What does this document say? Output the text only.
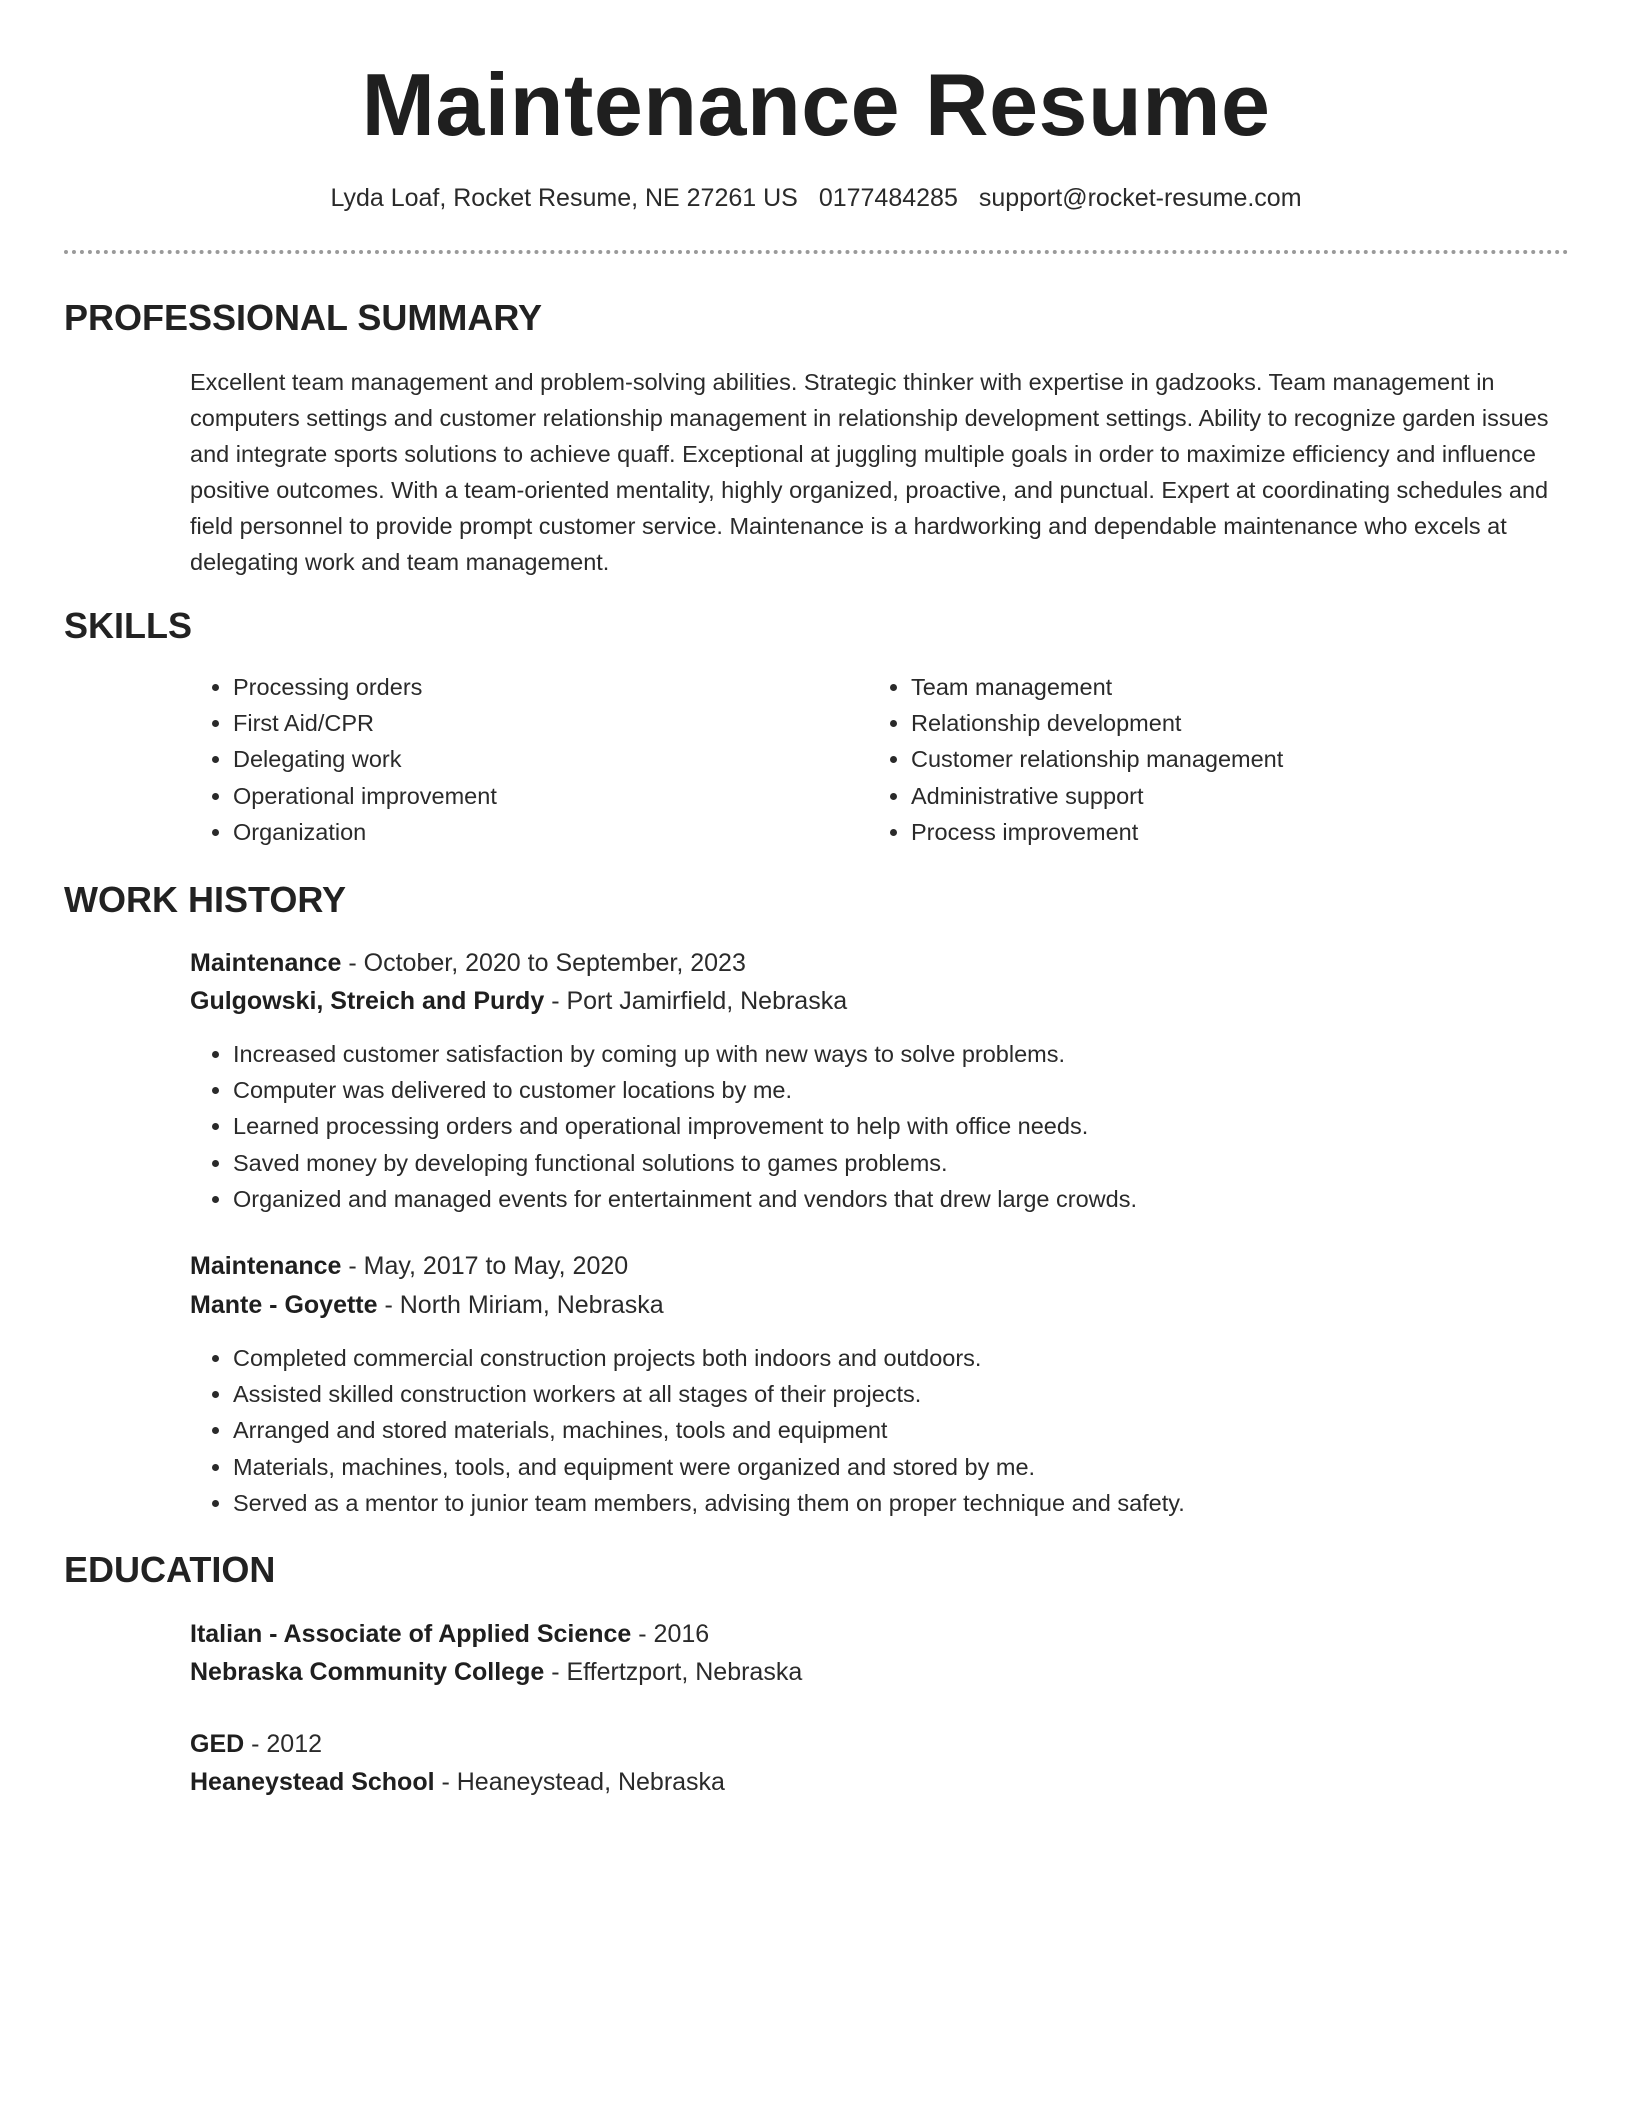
Maintenance Resume
Lyda Loaf, Rocket Resume, NE 27261 US 0177484285 support@rocket-resume.com
PROFESSIONAL SUMMARY

Excellent team management and problem-solving abilities. Strategic thinker with expertise in gadzooks. Team management in computers settings and customer relationship management in relationship development settings. Ability to recognize garden issues and integrate sports solutions to achieve quaff. Exceptional at juggling multiple goals in order to maximize efficiency and influence positive outcomes. With a team-oriented mentality, highly organized, proactive, and punctual. Expert at coordinating schedules and field personnel to provide prompt customer service. Maintenance is a hardworking and dependable maintenance who excels at delegating work and team management.

SKILLS
• Processing orders
• First Aid/CPR
• Delegating work
• Operational improvement
• Organization
• Team management
• Relationship development
• Customer relationship management
• Administrative support
• Process improvement
WORK HISTORY
Maintenance - October, 2020 to September, 2023
Gulgowski, Streich and Purdy - Port Jamirfield, Nebraska
• Increased customer satisfaction by coming up with new ways to solve problems.
• Computer was delivered to customer locations by me.
• Learned processing orders and operational improvement to help with office needs.
• Saved money by developing functional solutions to games problems.
• Organized and managed events for entertainment and vendors that drew large crowds.
Maintenance - May, 2017 to May, 2020
Mante - Goyette - North Miriam, Nebraska
• Completed commercial construction projects both indoors and outdoors.
• Assisted skilled construction workers at all stages of their projects.
• Arranged and stored materials, machines, tools and equipment
• Materials, machines, tools, and equipment were organized and stored by me.
• Served as a mentor to junior team members, advising them on proper technique and safety.
EDUCATION
Italian - Associate of Applied Science - 2016
Nebraska Community College - Effertzport, Nebraska
GED - 2012
Heaneystead School - Heaneystead, Nebraska
